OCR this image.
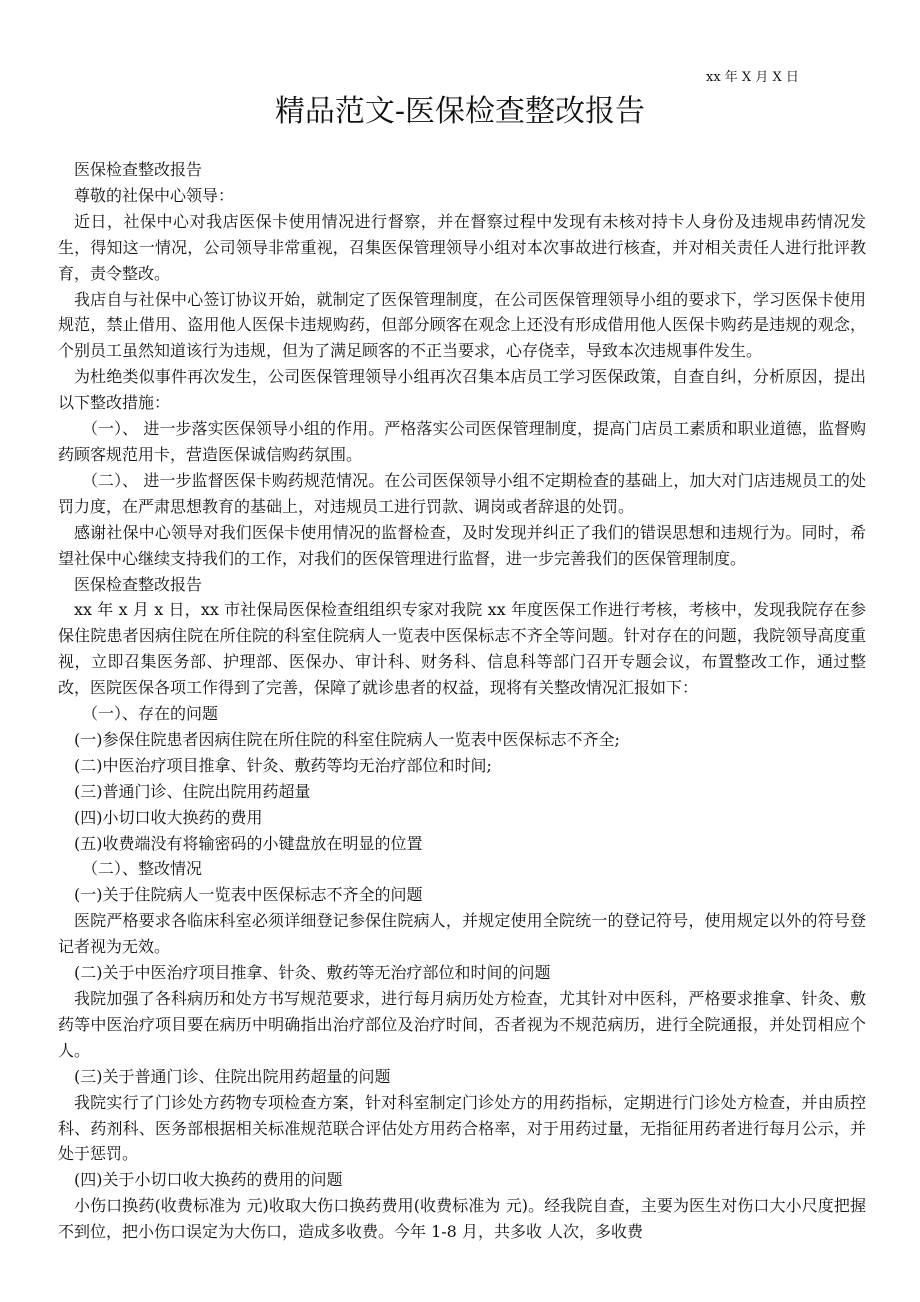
xx 年 X 月 X 日
精品范文-医保检查整改报告

医保检查整改报告

尊敬的社保中心领导：

近日，社保中心对我店医保卡使用情况进行督察，并在督察过程中发现有未核对持卡人身份及违规串药情况发生，得知这一情况，公司领导非常重视，召集医保管理领导小组对本次事故进行核查，并对相关责任人进行批评教育，责令整改。

我店自与社保中心签订协议开始，就制定了医保管理制度，在公司医保管理领导小组的要求下，学习医保卡使用规范，禁止借用、盗用他人医保卡违规购药，但部分顾客在观念上还没有形成借用他人医保卡购药是违规的观念，个别员工虽然知道该行为违规，但为了满足顾客的不正当要求，心存侥幸，导致本次违规事件发生。

为杜绝类似事件再次发生，公司医保管理领导小组再次召集本店员工学习医保政策，自查自纠，分析原因，提出以下整改措施：

（一）、 进一步落实医保领导小组的作用。严格落实公司医保管理制度，提高门店员工素质和职业道德，监督购药顾客规范用卡，营造医保诚信购药氛围。

（二）、 进一步监督医保卡购药规范情况。在公司医保领导小组不定期检查的基础上，加大对门店违规员工的处罚力度，在严肃思想教育的基础上，对违规员工进行罚款、调岗或者辞退的处罚。

感谢社保中心领导对我们医保卡使用情况的监督检查，及时发现并纠正了我们的错误思想和违规行为。同时，希望社保中心继续支持我们的工作，对我们的医保管理进行监督，进一步完善我们的医保管理制度。

医保检查整改报告

xx 年 x 月 x 日，xx 市社保局医保检查组组织专家对我院 xx 年度医保工作进行考核，考核中，发现我院存在参保住院患者因病住院在所住院的科室住院病人一览表中医保标志不齐全等问题。针对存在的问题，我院领导高度重视，立即召集医务部、护理部、医保办、审计科、财务科、信息科等部门召开专题会议，布置整改工作，通过整改，医院医保各项工作得到了完善，保障了就诊患者的权益，现将有关整改情况汇报如下：

（一）、存在的问题

(一)参保住院患者因病住院在所住院的科室住院病人一览表中医保标志不齐全;

(二)中医治疗项目推拿、针灸、敷药等均无治疗部位和时间;

(三)普通门诊、住院出院用药超量

(四)小切口收大换药的费用

(五)收费端没有将输密码的小键盘放在明显的位置

（二）、整改情况

(一)关于住院病人一览表中医保标志不齐全的问题

医院严格要求各临床科室必须详细登记参保住院病人，并规定使用全院统一的登记符号，使用规定以外的符号登记者视为无效。

(二)关于中医治疗项目推拿、针灸、敷药等无治疗部位和时间的问题

我院加强了各科病历和处方书写规范要求，进行每月病历处方检查，尤其针对中医科，严格要求推拿、针灸、敷药等中医治疗项目要在病历中明确指出治疗部位及治疗时间，否者视为不规范病历，进行全院通报，并处罚相应个人。

(三)关于普通门诊、住院出院用药超量的问题

我院实行了门诊处方药物专项检查方案，针对科室制定门诊处方的用药指标，定期进行门诊处方检查，并由质控科、药剂科、医务部根据相关标准规范联合评估处方用药合格率，对于用药过量，无指征用药者进行每月公示，并处于惩罚。

(四)关于小切口收大换药的费用的问题

小伤口换药(收费标准为 元)收取大伤口换药费用(收费标准为 元)。经我院自查，主要为医生对伤口大小尺度把握不到位，把小伤口误定为大伤口，造成多收费。今年 1-8 月，共多收 人次，多收费
